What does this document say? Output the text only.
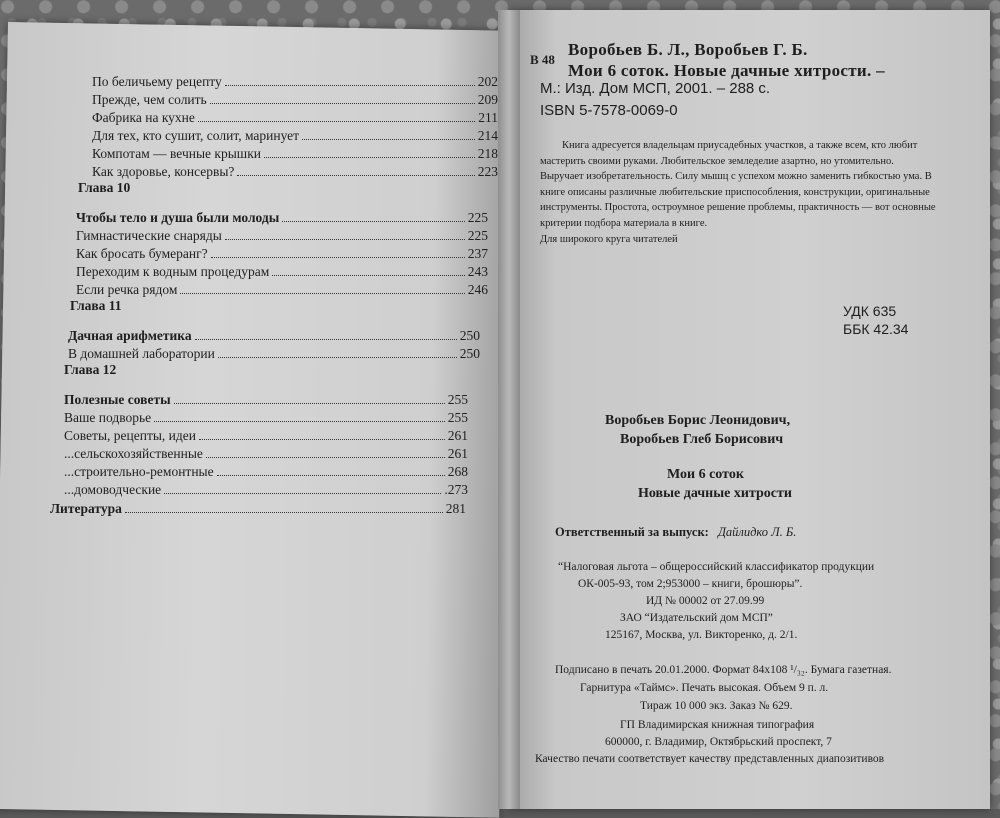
По беличьему рецепту	202
Прежде, чем солить	209
Фабрика на кухне	211
Для тех, кто сушит, солит, маринует	214
Компотам — вечные крышки	218
Как здоровье, консервы?	223
Чтобы тело и душа были молоды	225
Гимнастические снаряды	225
Как бросать бумеранг?	237
Переходим к водным процедурам	243
Если речка рядом	246
Дачная арифметика	250
В домашней лаборатории	250
Полезные советы	255
Ваше подворье	255
Советы, рецепты, идеи	261
...сельскохозяйственные	261
...строительно-ремонтные	268
...домоводческие	.273
Литература	281
Глава 10
Глава 11
Глава 12
В 48
Воробьев Б. Л., Воробьев Г. Б.
Мои 6 соток. Новые дачные хитрости. –
М.: Изд. Дом МСП, 2001. – 288 с.
ISBN 5-7578-0069-0
Книга адресуется владельцам приусадебных участков, а также всем, кто любит мастерить своими руками. Любительское земледелие азартно, но утомительно. Выручает изобретательность. Силу мышц с успехом можно заменить гибкостью ума. В книге описаны различные любительские приспособления, конструкции, оригинальные инструменты. Простота, остроумное решение проблемы, практичность — вот основные критерии подбора материала в книге.
Для широкого круга читателей
УДК 635
ББК 42.34
Воробьев Борис Леонидович,
Воробьев Глеб Борисович
Мои 6 соток
Новые дачные хитрости
Ответственный за выпуск: Дайлидко Л. Б.
“Налоговая льгота – общероссийский классификатор продукции
ОК-005-93, том 2;953000 – книги, брошюры”.
ИД № 00002 от 27.09.99
ЗАО “Издательский дом МСП”
125167, Москва, ул. Викторенко, д. 2/1.
Подписано в печать 20.01.2000. Формат 84х108 ¹/₃₂. Бумага газетная.
Гарнитура «Таймс». Печать высокая. Объем 9 п. л.
Тираж 10 000 экз. Заказ № 629.
ГП Владимирская книжная типография
600000, г. Владимир, Октябрьский проспект, 7
Качество печати соответствует качеству представленных диапозитивов
